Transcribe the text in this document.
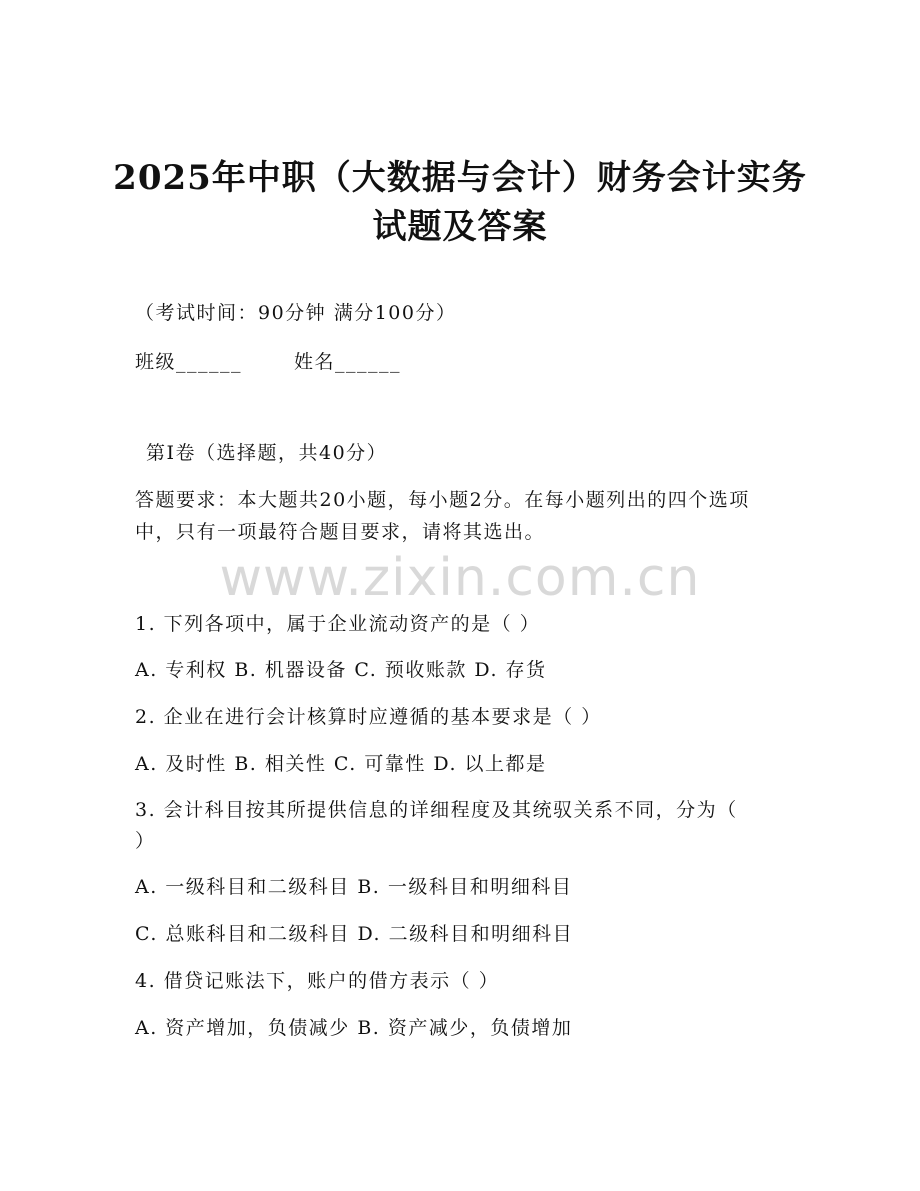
2025年中职（大数据与会计）财务会计实务
试题及答案
（考试时间：90分钟 满分100分）
班级______	姓名______
第I卷（选择题，共40分）
答题要求：本大题共20小题，每小题2分。在每小题列出的四个选项
中，只有一项最符合题目要求，请将其选出。
www.zixin.com.cn
1. 下列各项中，属于企业流动资产的是（ ）
A. 专利权 B. 机器设备 C. 预收账款 D. 存货
2. 企业在进行会计核算时应遵循的基本要求是（ ）
A. 及时性 B. 相关性 C. 可靠性 D. 以上都是
3. 会计科目按其所提供信息的详细程度及其统驭关系不同，分为（
）
A. 一级科目和二级科目 B. 一级科目和明细科目
C. 总账科目和二级科目 D. 二级科目和明细科目
4. 借贷记账法下，账户的借方表示（ ）
A. 资产增加，负债减少 B. 资产减少，负债增加
